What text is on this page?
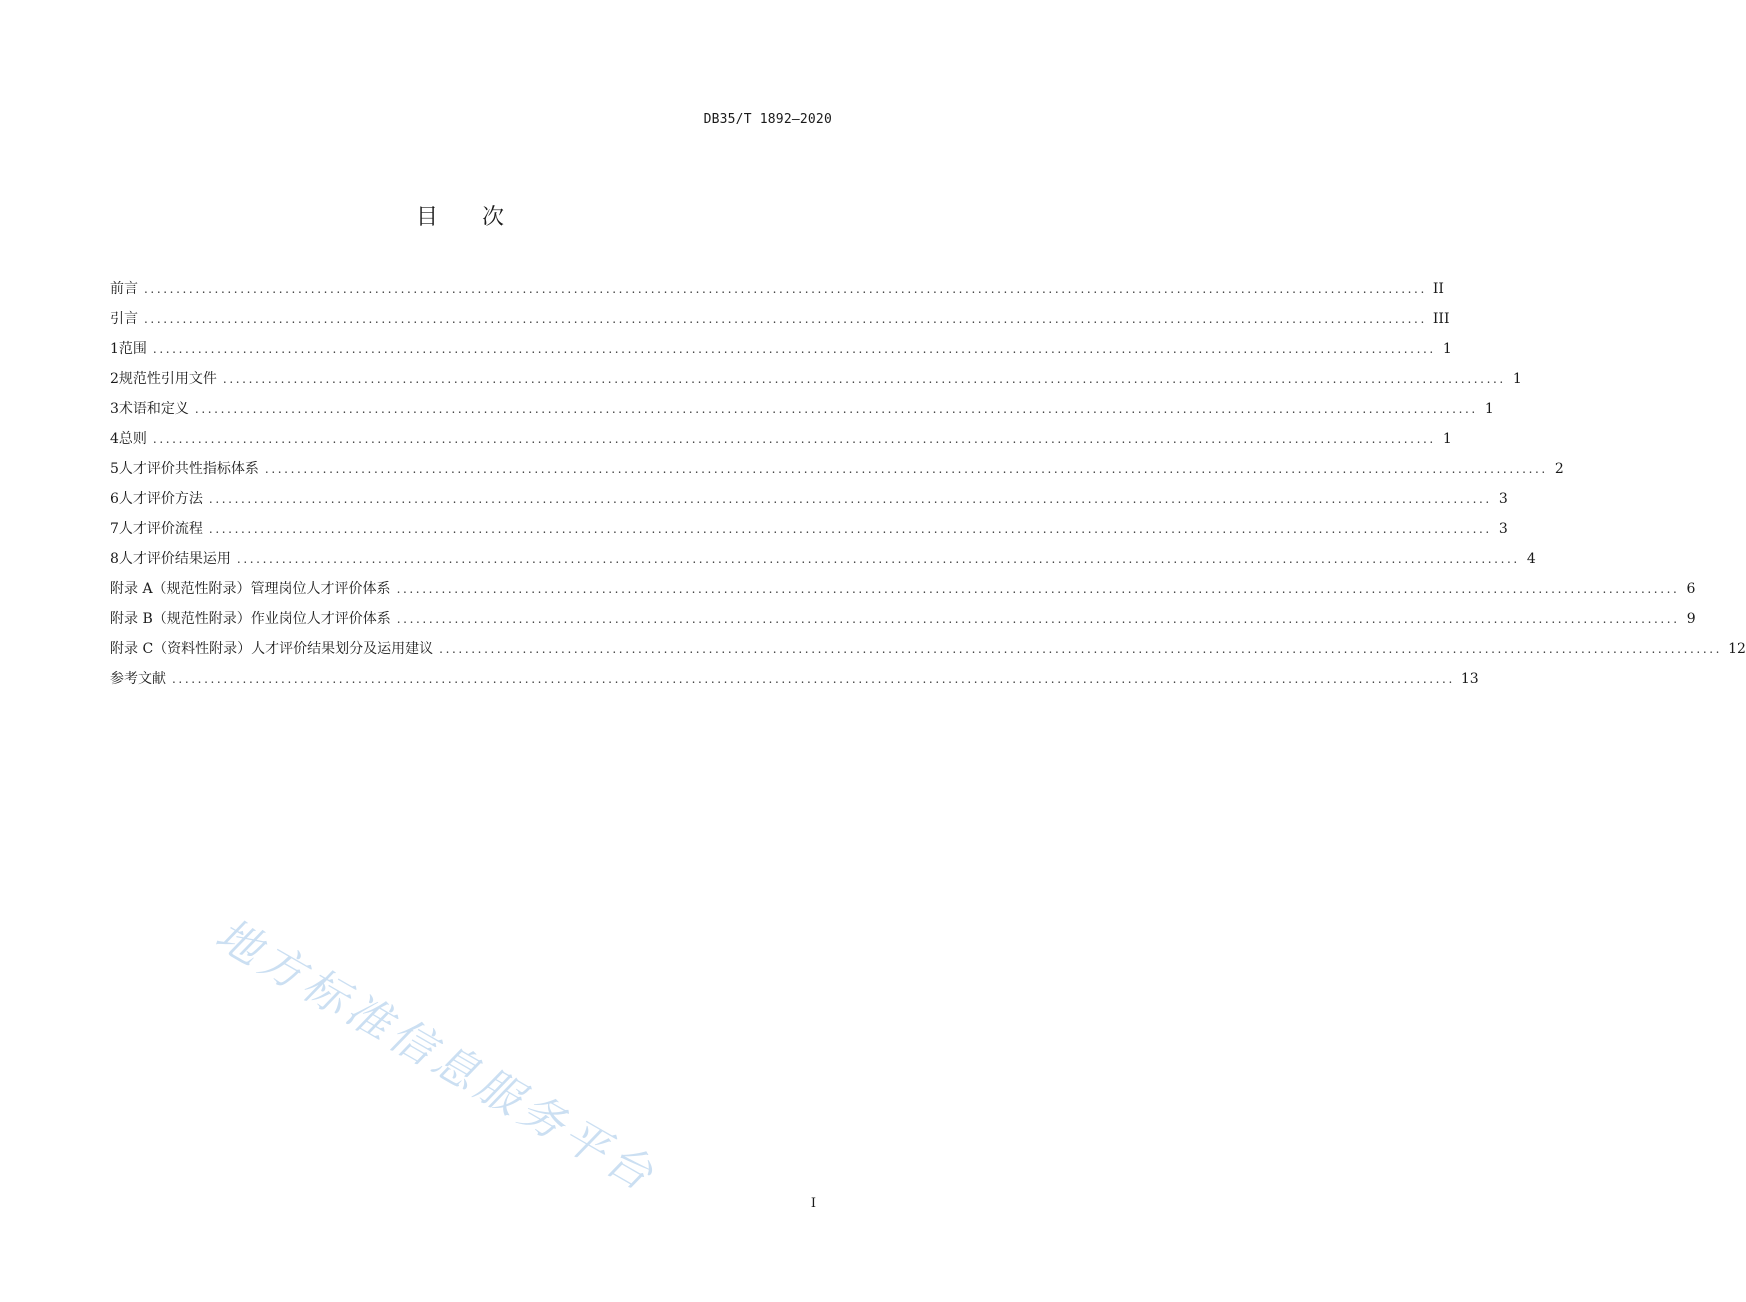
DB35/T 1892—2020
目 次
前言 ........................................................................................................................................................................................................ II
引言 ........................................................................................................................................................................................................ III
1 范围 ........................................................................................................................................................................................................ 1
2 规范性引用文件 ........................................................................................................................................................................................................ 1
3 术语和定义 ........................................................................................................................................................................................................ 1
4 总则 ........................................................................................................................................................................................................ 1
5 人才评价共性指标体系 ........................................................................................................................................................................................................ 2
6 人才评价方法 ........................................................................................................................................................................................................ 3
7 人才评价流程 ........................................................................................................................................................................................................ 3
8 人才评价结果运用 ........................................................................................................................................................................................................ 4
附录 A（规范性附录） 管理岗位人才评价体系 ........................................................................................................................................................................................................ 6
附录 B（规范性附录） 作业岗位人才评价体系 ........................................................................................................................................................................................................ 9
附录 C（资料性附录） 人才评价结果划分及运用建议 ........................................................................................................................................................................................................ 12
参考文献 ........................................................................................................................................................................................................ 13
地方标准信息服务平台
I
